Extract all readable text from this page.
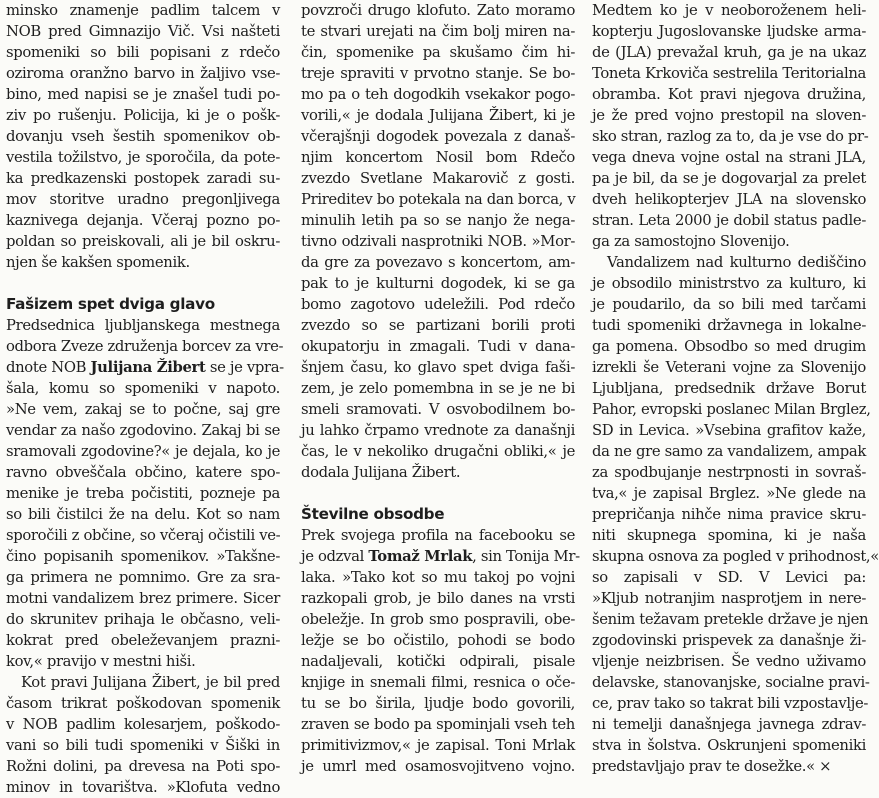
minsko znamenje padlim talcem v
NOB pred Gimnazijo Vič. Vsi našteti
spomeniki so bili popisani z rdečo
oziroma oranžno barvo in žaljivo vse-
bino, med napisi se je znašel tudi po-
ziv po rušenju. Policija, ki je o pošk-
dovanju vseh šestih spomenikov ob-
vestila tožilstvo, je sporočila, da pote-
ka predkazenski postopek zaradi su-
mov storitve uradno pregonljivega
kaznivega dejanja. Včeraj pozno po-
poldan so preiskovali, ali je bil oskru-
njen še kakšen spomenik.
Fašizem spet dviga glavo
Predsednica ljubljanskega mestnega
odbora Zveze združenja borcev za vre-
dnote NOB Julijana Žibert se je vpra-
šala, komu so spomeniki v napoto.
»Ne vem, zakaj se to počne, saj gre
vendar za našo zgodovino. Zakaj bi se
sramovali zgodovine?« je dejala, ko je
ravno obveščala občino, katere spo-
menike je treba počistiti, pozneje pa
so bili čistilci že na delu. Kot so nam
sporočili z občine, so včeraj očistili ve-
čino popisanih spomenikov. »Takšne-
ga primera ne pomnimo. Gre za sra-
motni vandalizem brez primere. Sicer
do skrunitev prihaja le občasno, veli-
kokrat pred obeleževanjem prazni-
kov,« pravijo v mestni hiši.
Kot pravi Julijana Žibert, je bil pred
časom trikrat poškodovan spomenik
v NOB padlim kolesarjem, poškodo-
vani so bili tudi spomeniki v Šiški in
Rožni dolini, pa drevesa na Poti spo-
minov in tovarištva. »Klofuta vedno
povzroči drugo klofuto. Zato moramo
te stvari urejati na čim bolj miren na-
čin, spomenike pa skušamo čim hi-
treje spraviti v prvotno stanje. Se bo-
mo pa o teh dogodkih vsekakor pogo-
vorili,« je dodala Julijana Žibert, ki je
včerajšnji dogodek povezala z današ-
njim koncertom Nosil bom Rdečo
zvezdo Svetlane Makarovič z gosti.
Prireditev bo potekala na dan borca, v
minulih letih pa so se nanjo že nega-
tivno odzivali nasprotniki NOB. »Mor-
da gre za povezavo s koncertom, am-
pak to je kulturni dogodek, ki se ga
bomo zagotovo udeležili. Pod rdečo
zvezdo so se partizani borili proti
okupatorju in zmagali. Tudi v dana-
šnjem času, ko glavo spet dviga faši-
zem, je zelo pomembna in se je ne bi
smeli sramovati. V osvobodilnem bo-
ju lahko črpamo vrednote za današnji
čas, le v nekoliko drugačni obliki,« je
dodala Julijana Žibert.
Številne obsodbe
Prek svojega profila na facebooku se
je odzval Tomaž Mrlak, sin Tonija Mr-
laka. »Tako kot so mu takoj po vojni
razkopali grob, je bilo danes na vrsti
obeležje. In grob smo pospravili, obe-
ležje se bo očistilo, pohodi se bodo
nadaljevali, kotički odpirali, pisale
knjige in snemali filmi, resnica o oče-
tu se bo širila, ljudje bodo govorili,
zraven se bodo pa spominjali vseh teh
primitivizmov,« je zapisal. Toni Mrlak
je umrl med osamosvojitveno vojno.
Medtem ko je v neoboroženem heli-
kopterju Jugoslovanske ljudske arma-
de (JLA) prevažal kruh, ga je na ukaz
Toneta Krkoviča sestrelila Teritorialna
obramba. Kot pravi njegova družina,
je že pred vojno prestopil na sloven-
sko stran, razlog za to, da je vse do pr-
vega dneva vojne ostal na strani JLA,
pa je bil, da se je dogovarjal za prelet
dveh helikopterjev JLA na slovensko
stran. Leta 2000 je dobil status padle-
ga za samostojno Slovenijo.
Vandalizem nad kulturno dediščino
je obsodilo ministrstvo za kulturo, ki
je poudarilo, da so bili med tarčami
tudi spomeniki državnega in lokalne-
ga pomena. Obsodbo so med drugim
izrekli še Veterani vojne za Slovenijo
Ljubljana, predsednik države Borut
Pahor, evropski poslanec Milan Brglez,
SD in Levica. »Vsebina grafitov kaže,
da ne gre samo za vandalizem, ampak
za spodbujanje nestrpnosti in sovraš-
tva,« je zapisal Brglez. »Ne glede na
prepričanja nihče nima pravice skru-
niti skupnega spomina, ki je naša
skupna osnova za pogled v prihodnost,«
so zapisali v SD. V Levici pa:
»Kljub notranjim nasprotjem in nere-
šenim težavam pretekle države je njen
zgodovinski prispevek za današnje ži-
vljenje neizbrisen. Še vedno uživamo
delavske, stanovanjske, socialne pravi-
ce, prav tako so takrat bili vzpostavlje-
ni temelji današnjega javnega zdrav-
stva in šolstva. Oskrunjeni spomeniki
predstavljajo prav te dosežke.« ×
